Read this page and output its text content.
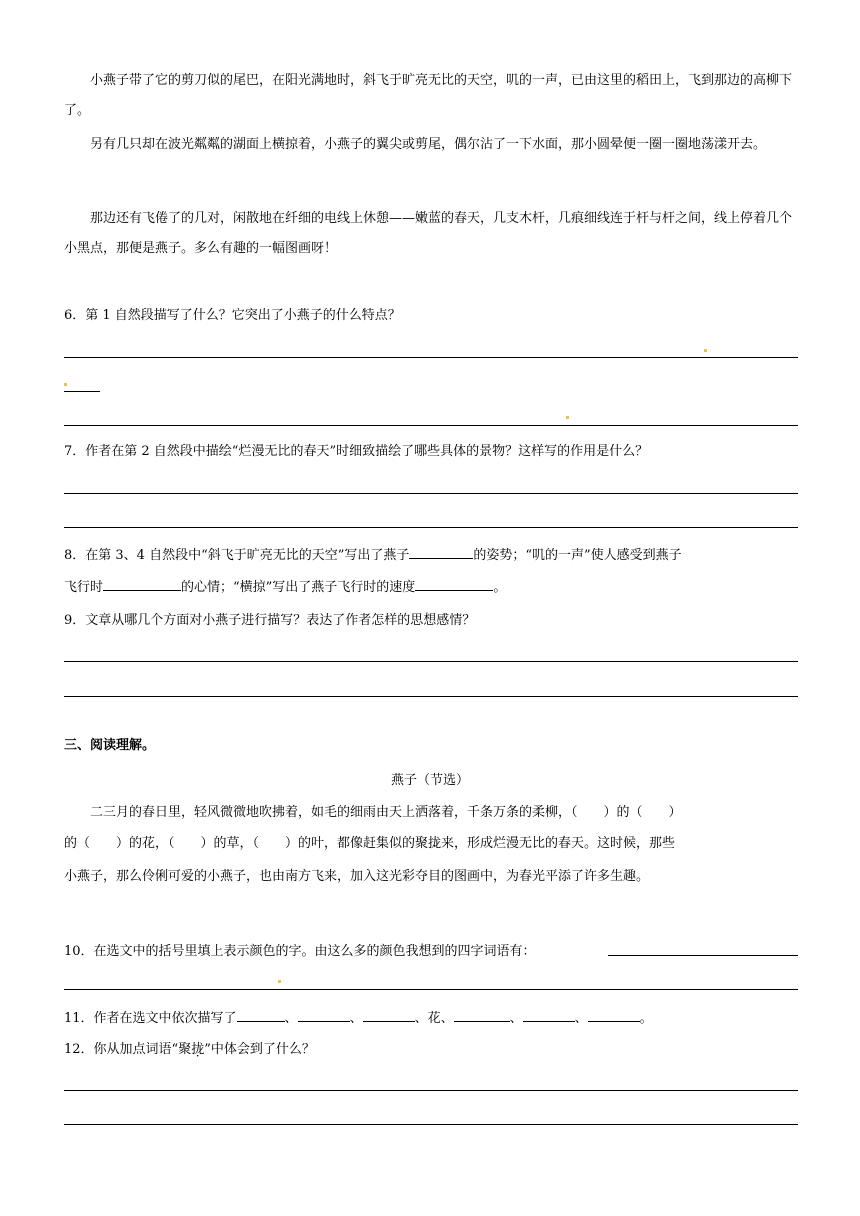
小燕子带了它的剪刀似的尾巴，在阳光满地时，斜飞于旷亮无比的天空，叽的一声，已由这里的稻田上，飞到那边的高柳下了。

另有几只却在波光粼粼的湖面上横掠着，小燕子的翼尖或剪尾，偶尔沾了一下水面，那小圆晕便一圈一圈地荡漾开去。

那边还有飞倦了的几对，闲散地在纤细的电线上休憩——嫩蓝的春天，几支木杆，几痕细线连于杆与杆之间，线上停着几个小黑点，那便是燕子。多么有趣的一幅图画呀！

6．第 1 自然段描写了什么？它突出了小燕子的什么特点？

7．作者在第 2 自然段中描绘“烂漫无比的春天”时细致描绘了哪些具体的景物？这样写的作用是什么？

8．在第 3、4 自然段中“斜飞于旷亮无比的天空”写出了燕子	的姿势；“叽的一声”使人感受到燕子

飞行时	的心情；“横掠”写出了燕子飞行时的速度	。

9．文章从哪几个方面对小燕子进行描写？表达了作者怎样的思想感情？

三、阅读理解。
燕子（节选）

二三月的春日里，轻风微微地吹拂着，如毛的细雨由天上洒落着，千条万条的柔柳，（　　）的（　　）

的（　　）的花，（　　）的草，（　　）的叶，都像赶集似的聚拢 ·来，形成烂漫无比的春天。这时候，那些

小燕子，那么伶俐可爱的小燕子，也由南方飞来，加入这光彩夺目的图画中，为春光平添了许多生趣。

10．在选文中的括号里填上表示颜色的字。由这么多的颜色我想到的四字词语有：

11．作者在选文中依次描写了	、	、	、花、	、	、	。

12．你从加点词语“聚拢”中体会到了什么？
